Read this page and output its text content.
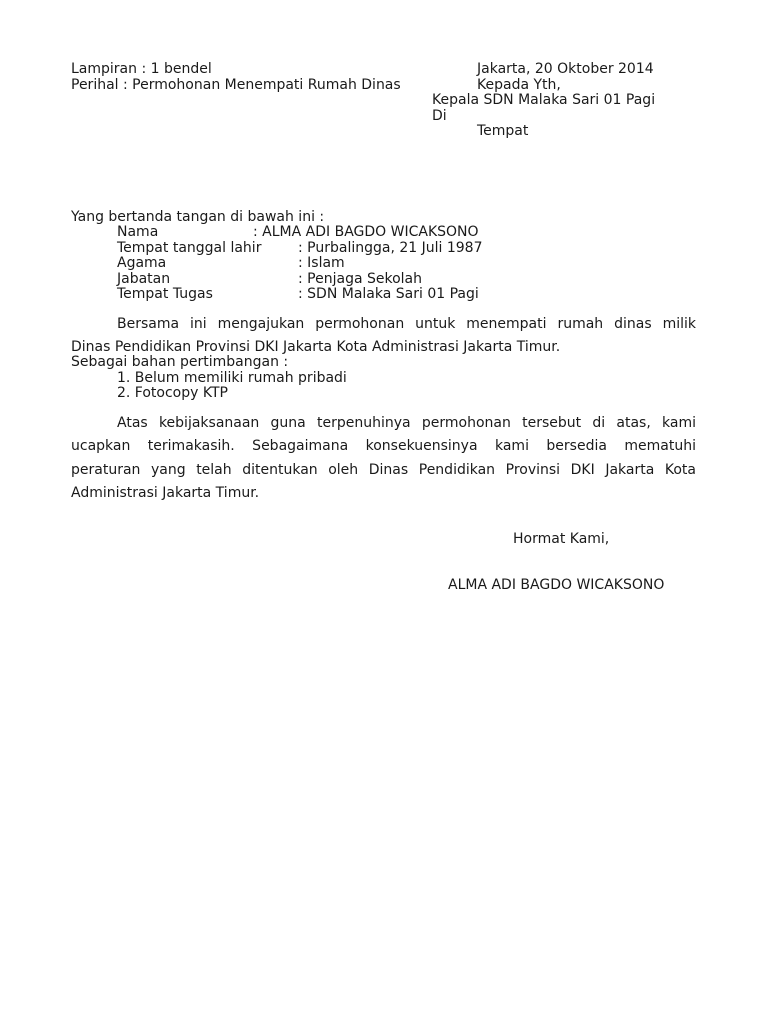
Lampiran : 1 bendel
Perihal : Permohonan Menempati Rumah Dinas
Jakarta, 20 Oktober 2014
Kepada Yth,
Kepala SDN Malaka Sari 01 Pagi
Di
Tempat
Yang bertanda tangan di bawah ini :
Nama	: ALMA ADI BAGDO WICAKSONO
Tempat tanggal lahir	: Purbalingga, 21 Juli 1987
Agama	: Islam
Jabatan	: Penjaga Sekolah
Tempat Tugas	: SDN Malaka Sari 01 Pagi
Bersama ini mengajukan permohonan untuk menempati rumah dinas milik
Dinas Pendidikan Provinsi DKI Jakarta Kota Administrasi Jakarta Timur.
Sebagai bahan pertimbangan :
1. Belum memiliki rumah pribadi
2. Fotocopy KTP
Atas kebijaksanaan guna terpenuhinya permohonan tersebut di atas, kami
ucapkan terimakasih. Sebagaimana konsekuensinya kami bersedia mematuhi
peraturan yang telah ditentukan oleh Dinas Pendidikan Provinsi DKI Jakarta Kota
Administrasi Jakarta Timur.
Hormat Kami,
ALMA ADI BAGDO WICAKSONO
